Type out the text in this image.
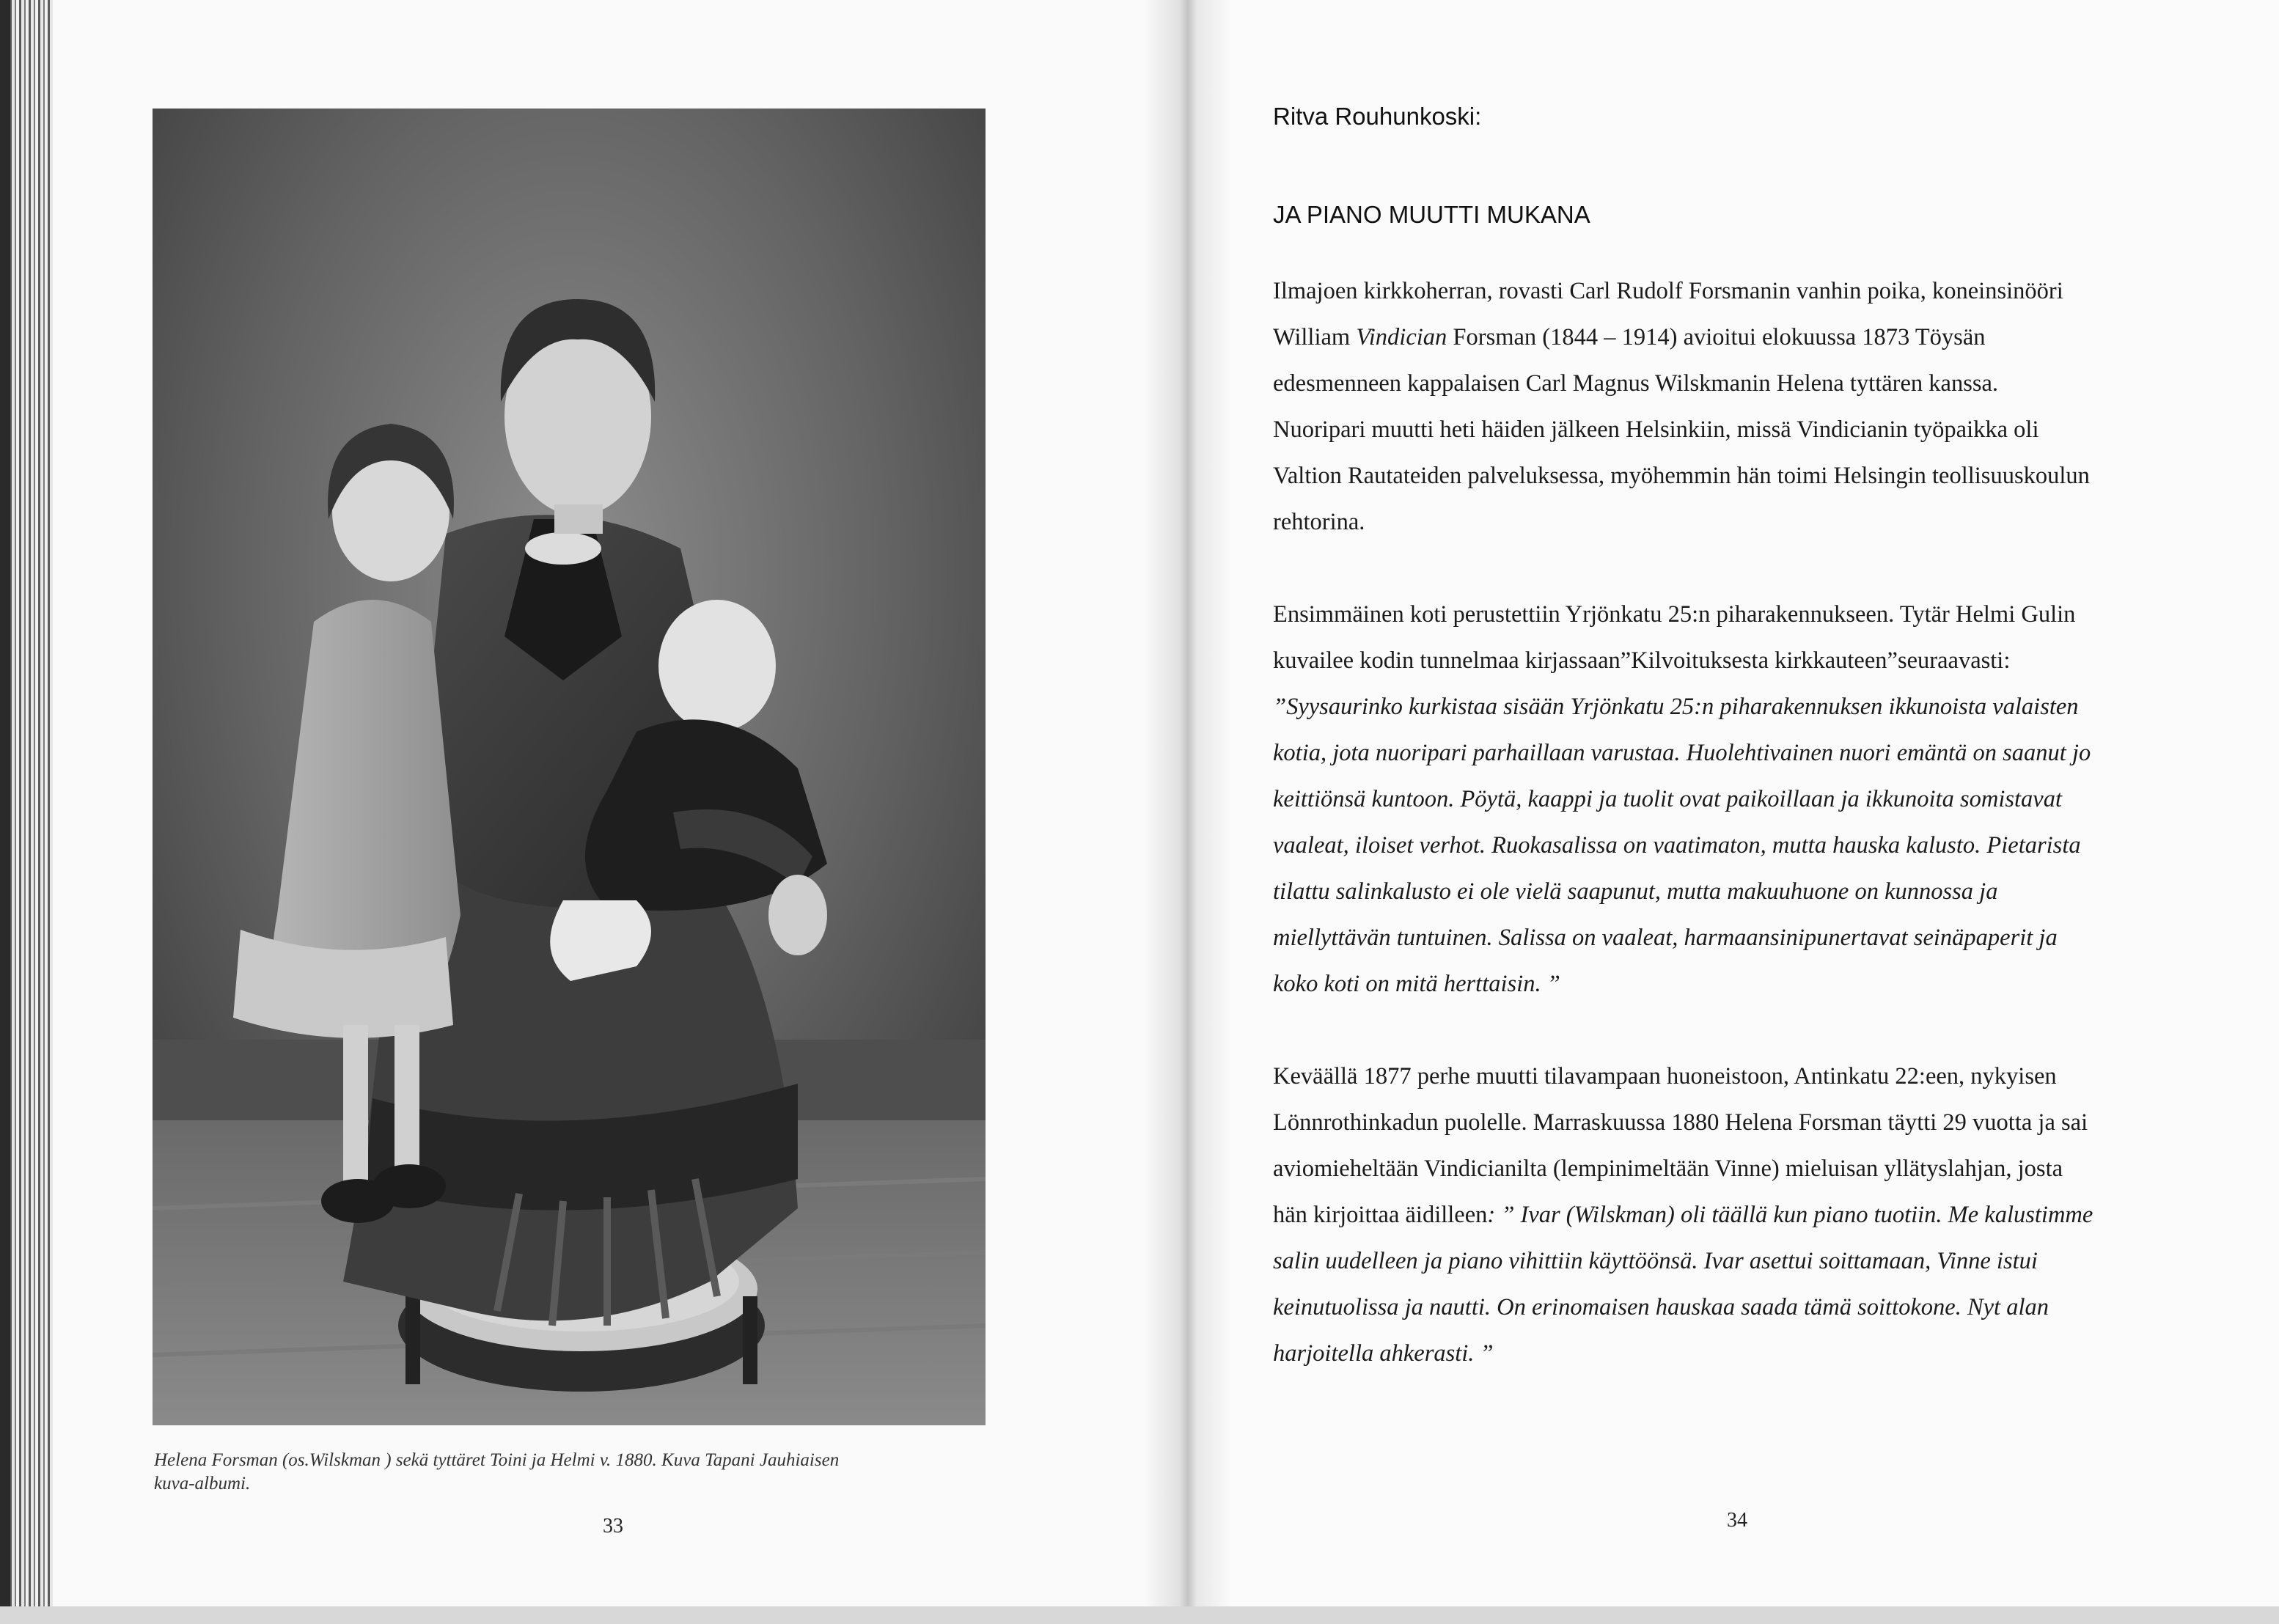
Helena Forsman (os.Wilskman ) sekä tyttäret Toini ja Helmi v. 1880. Kuva Tapani Jauhiaisen
kuva-albumi.
33
Ritva Rouhunkoski:
JA PIANO MUUTTI MUKANA
Ilmajoen kirkkoherran, rovasti Carl Rudolf Forsmanin vanhin poika, koneinsinööri
William Vindician Forsman (1844 – 1914) avioitui elokuussa 1873 Töysän
edesmenneen kappalaisen Carl Magnus Wilskmanin Helena tyttären kanssa.
Nuoripari muutti heti häiden jälkeen Helsinkiin, missä Vindicianin työpaikka oli
Valtion Rautateiden palveluksessa, myöhemmin hän toimi Helsingin teollisuuskoulun
rehtorina.
Ensimmäinen koti perustettiin Yrjönkatu 25:n piharakennukseen. Tytär Helmi Gulin
kuvailee kodin tunnelmaa kirjassaan”Kilvoituksesta kirkkauteen”seuraavasti:
”Syysaurinko kurkistaa sisään Yrjönkatu 25:n piharakennuksen ikkunoista valaisten
kotia, jota nuoripari parhaillaan varustaa. Huolehtivainen nuori emäntä on saanut jo
keittiönsä kuntoon. Pöytä, kaappi ja tuolit ovat paikoillaan ja ikkunoita somistavat
vaaleat, iloiset verhot. Ruokasalissa on vaatimaton, mutta hauska kalusto. Pietarista
tilattu salinkalusto ei ole vielä saapunut, mutta makuuhuone on kunnossa ja
miellyttävän tuntuinen. Salissa on vaaleat, harmaansinipunertavat seinäpaperit ja
koko koti on mitä herttaisin. ”
Keväällä 1877 perhe muutti tilavampaan huoneistoon, Antinkatu 22:een, nykyisen
Lönnrothinkadun puolelle. Marraskuussa 1880 Helena Forsman täytti 29 vuotta ja sai
aviomieheltään Vindicianilta (lempinimeltään Vinne) mieluisan yllätyslahjan, josta
hän kirjoittaa äidilleen: ” Ivar (Wilskman) oli täällä kun piano tuotiin. Me kalustimme
salin uudelleen ja piano vihittiin käyttöönsä. Ivar asettui soittamaan, Vinne istui
keinutuolissa ja nautti. On erinomaisen hauskaa saada tämä soittokone. Nyt alan
harjoitella ahkerasti. ”
34
